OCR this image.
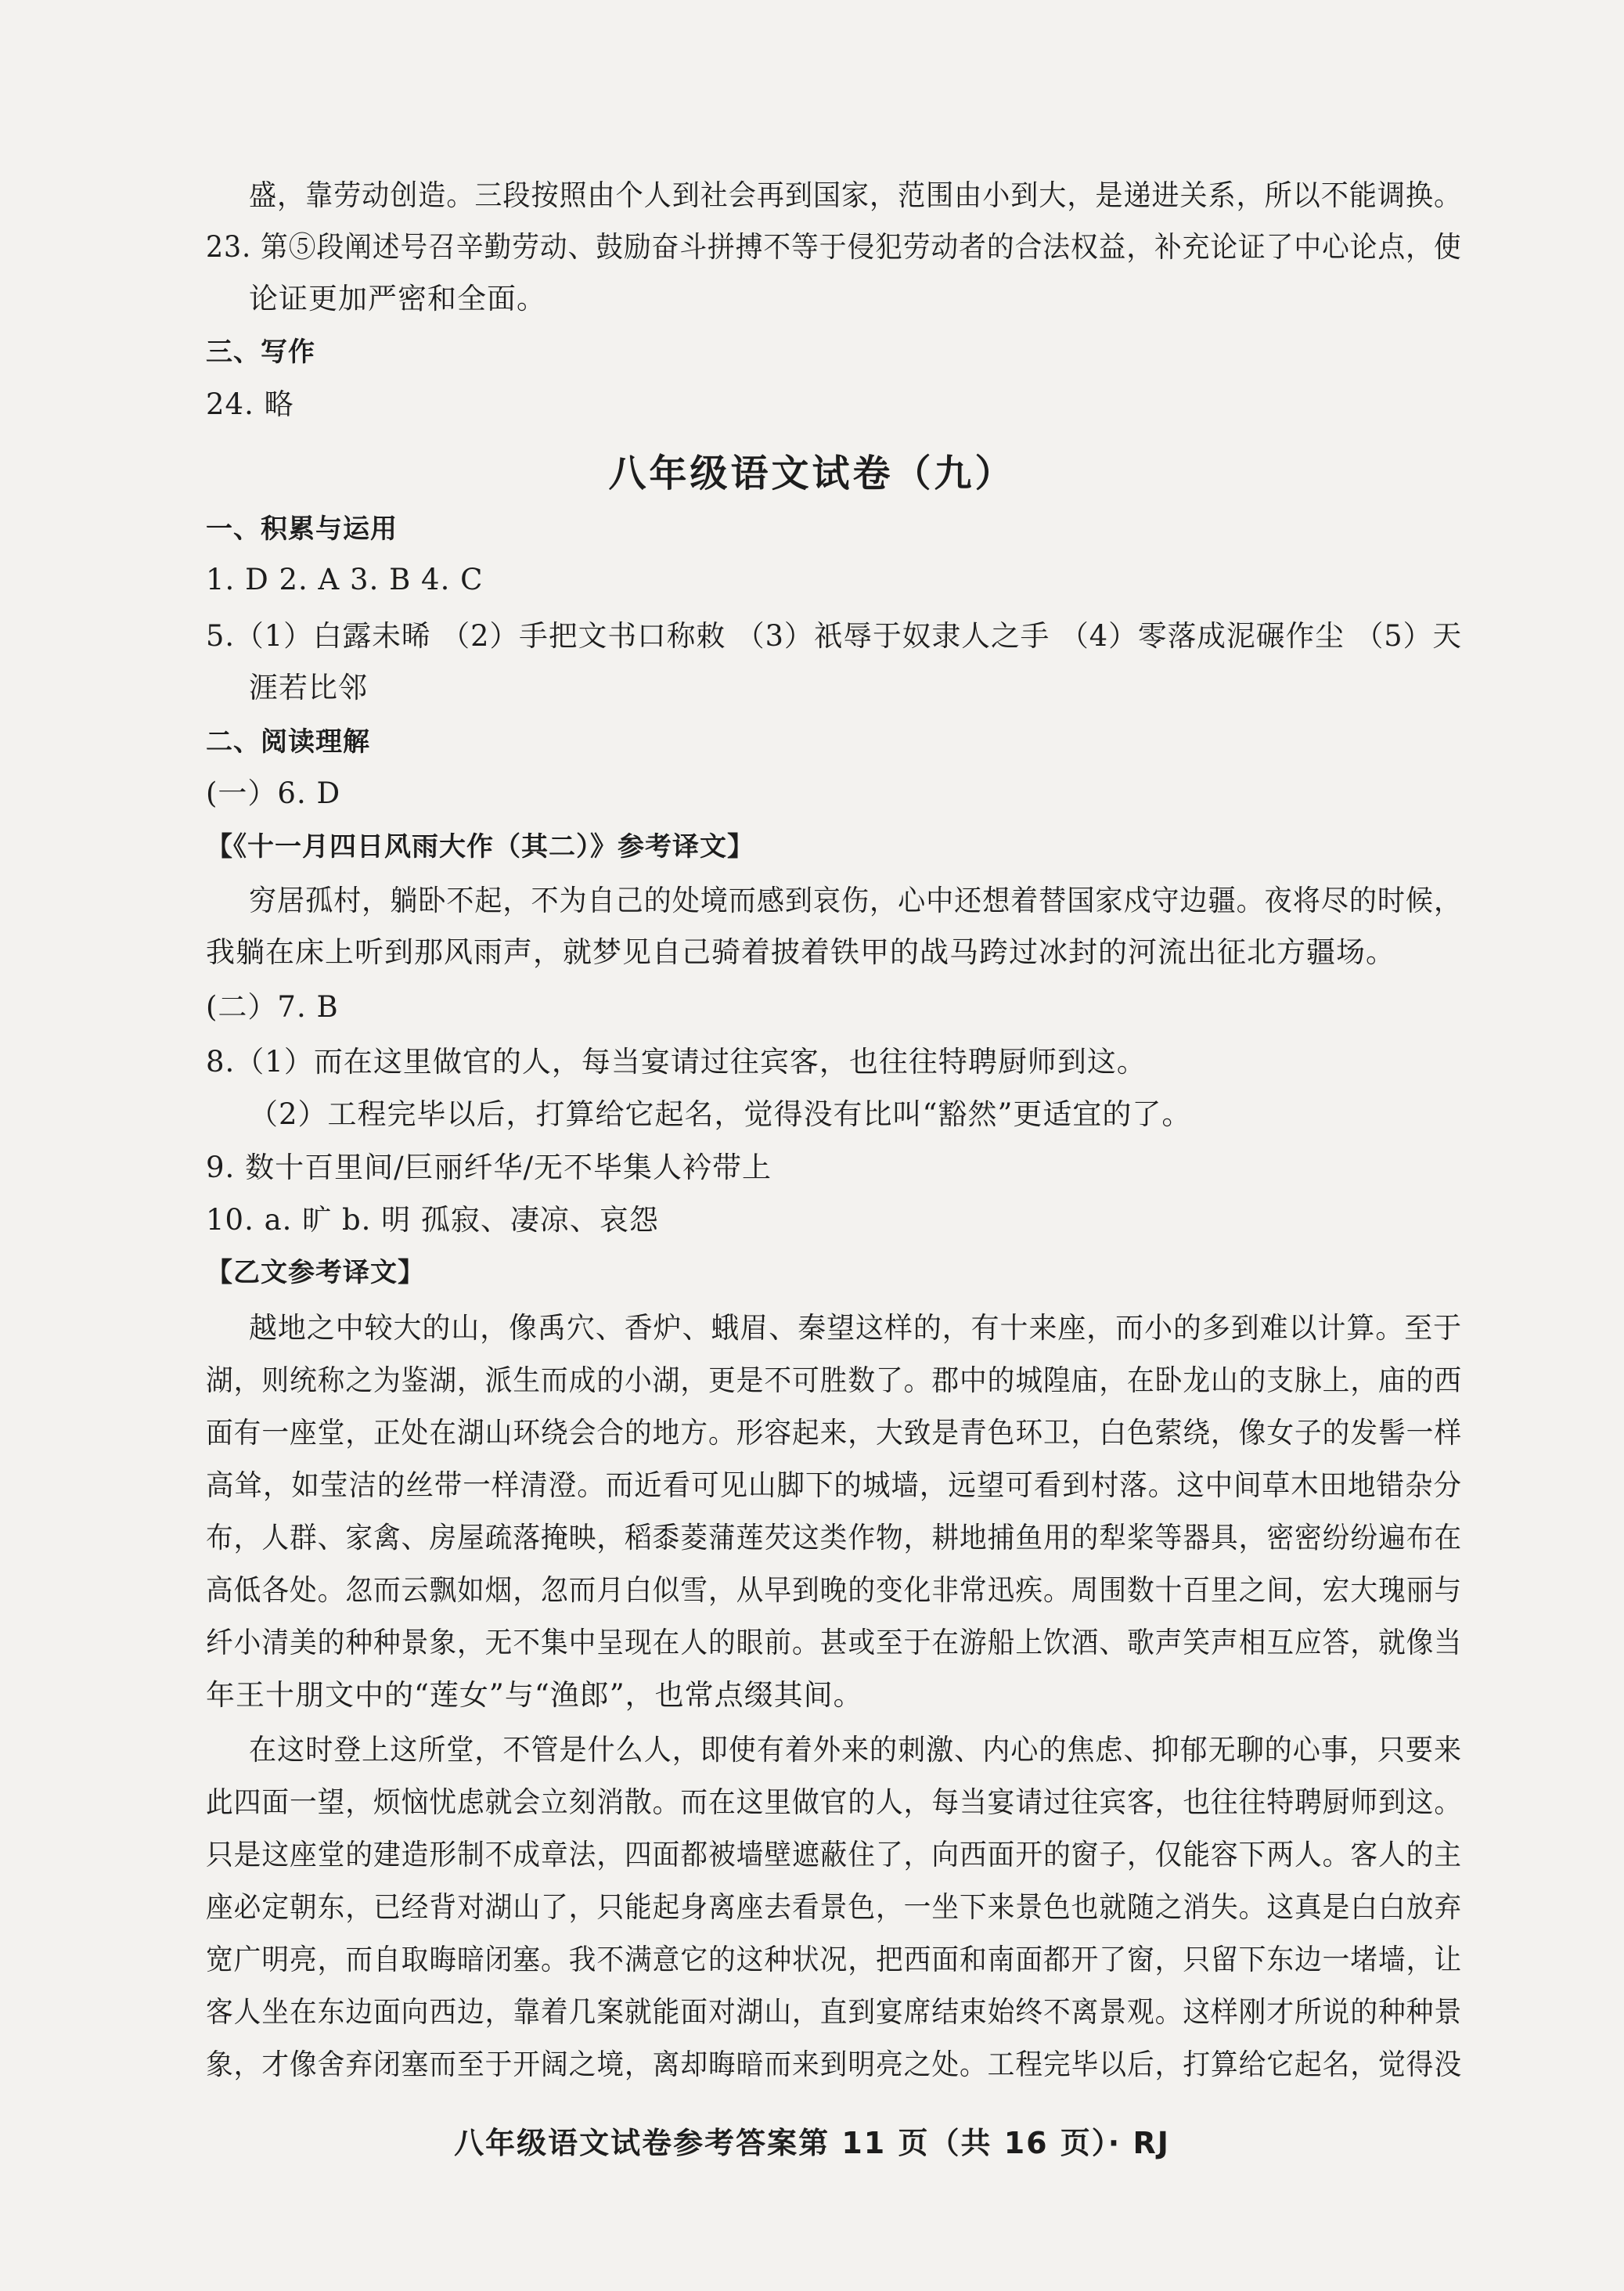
盛，靠劳动创造。三段按照由个人到社会再到国家，范围由小到大，是递进关系，所以不能调换。
23. 第⑤段阐述号召辛勤劳动、鼓励奋斗拼搏不等于侵犯劳动者的合法权益，补充论证了中心论点，使
论证更加严密和全面。
三、写作
24. 略
八年级语文试卷（九）
一、积累与运用
1. D 2. A 3. B 4. C
5.（1）白露未晞 （2）手把文书口称敕 （3）祇辱于奴隶人之手 （4）零落成泥碾作尘 （5）天
涯若比邻
二、阅读理解
(一）6. D
【《十一月四日风雨大作（其二）》参考译文】
穷居孤村，躺卧不起，不为自己的处境而感到哀伤，心中还想着替国家戍守边疆。夜将尽的时候，
我躺在床上听到那风雨声，就梦见自己骑着披着铁甲的战马跨过冰封的河流出征北方疆场。
(二）7. B
8.（1）而在这里做官的人，每当宴请过往宾客，也往往特聘厨师到这。
（2）工程完毕以后，打算给它起名，觉得没有比叫“豁然”更适宜的了。
9. 数十百里间/巨丽纤华/无不毕集人衿带上
10. a. 旷 b. 明 孤寂、凄凉、哀怨
【乙文参考译文】
越地之中较大的山，像禹穴、香炉、蛾眉、秦望这样的，有十来座，而小的多到难以计算。至于
湖，则统称之为鉴湖，派生而成的小湖，更是不可胜数了。郡中的城隍庙，在卧龙山的支脉上，庙的西
面有一座堂，正处在湖山环绕会合的地方。形容起来，大致是青色环卫，白色萦绕，像女子的发髻一样
高耸，如莹洁的丝带一样清澄。而近看可见山脚下的城墙，远望可看到村落。这中间草木田地错杂分
布，人群、家禽、房屋疏落掩映，稻黍菱蒲莲芡这类作物，耕地捕鱼用的犁桨等器具，密密纷纷遍布在
高低各处。忽而云飘如烟，忽而月白似雪，从早到晚的变化非常迅疾。周围数十百里之间，宏大瑰丽与
纤小清美的种种景象，无不集中呈现在人的眼前。甚或至于在游船上饮酒、歌声笑声相互应答，就像当
年王十朋文中的“莲女”与“渔郎”，也常点缀其间。
在这时登上这所堂，不管是什么人，即使有着外来的刺激、内心的焦虑、抑郁无聊的心事，只要来
此四面一望，烦恼忧虑就会立刻消散。而在这里做官的人，每当宴请过往宾客，也往往特聘厨师到这。
只是这座堂的建造形制不成章法，四面都被墙壁遮蔽住了，向西面开的窗子，仅能容下两人。客人的主
座必定朝东，已经背对湖山了，只能起身离座去看景色，一坐下来景色也就随之消失。这真是白白放弃
宽广明亮，而自取晦暗闭塞。我不满意它的这种状况，把西面和南面都开了窗，只留下东边一堵墙，让
客人坐在东边面向西边，靠着几案就能面对湖山，直到宴席结束始终不离景观。这样刚才所说的种种景
象，才像舍弃闭塞而至于开阔之境，离却晦暗而来到明亮之处。工程完毕以后，打算给它起名，觉得没
八年级语文试卷参考答案第 11 页（共 16 页）· RJ
